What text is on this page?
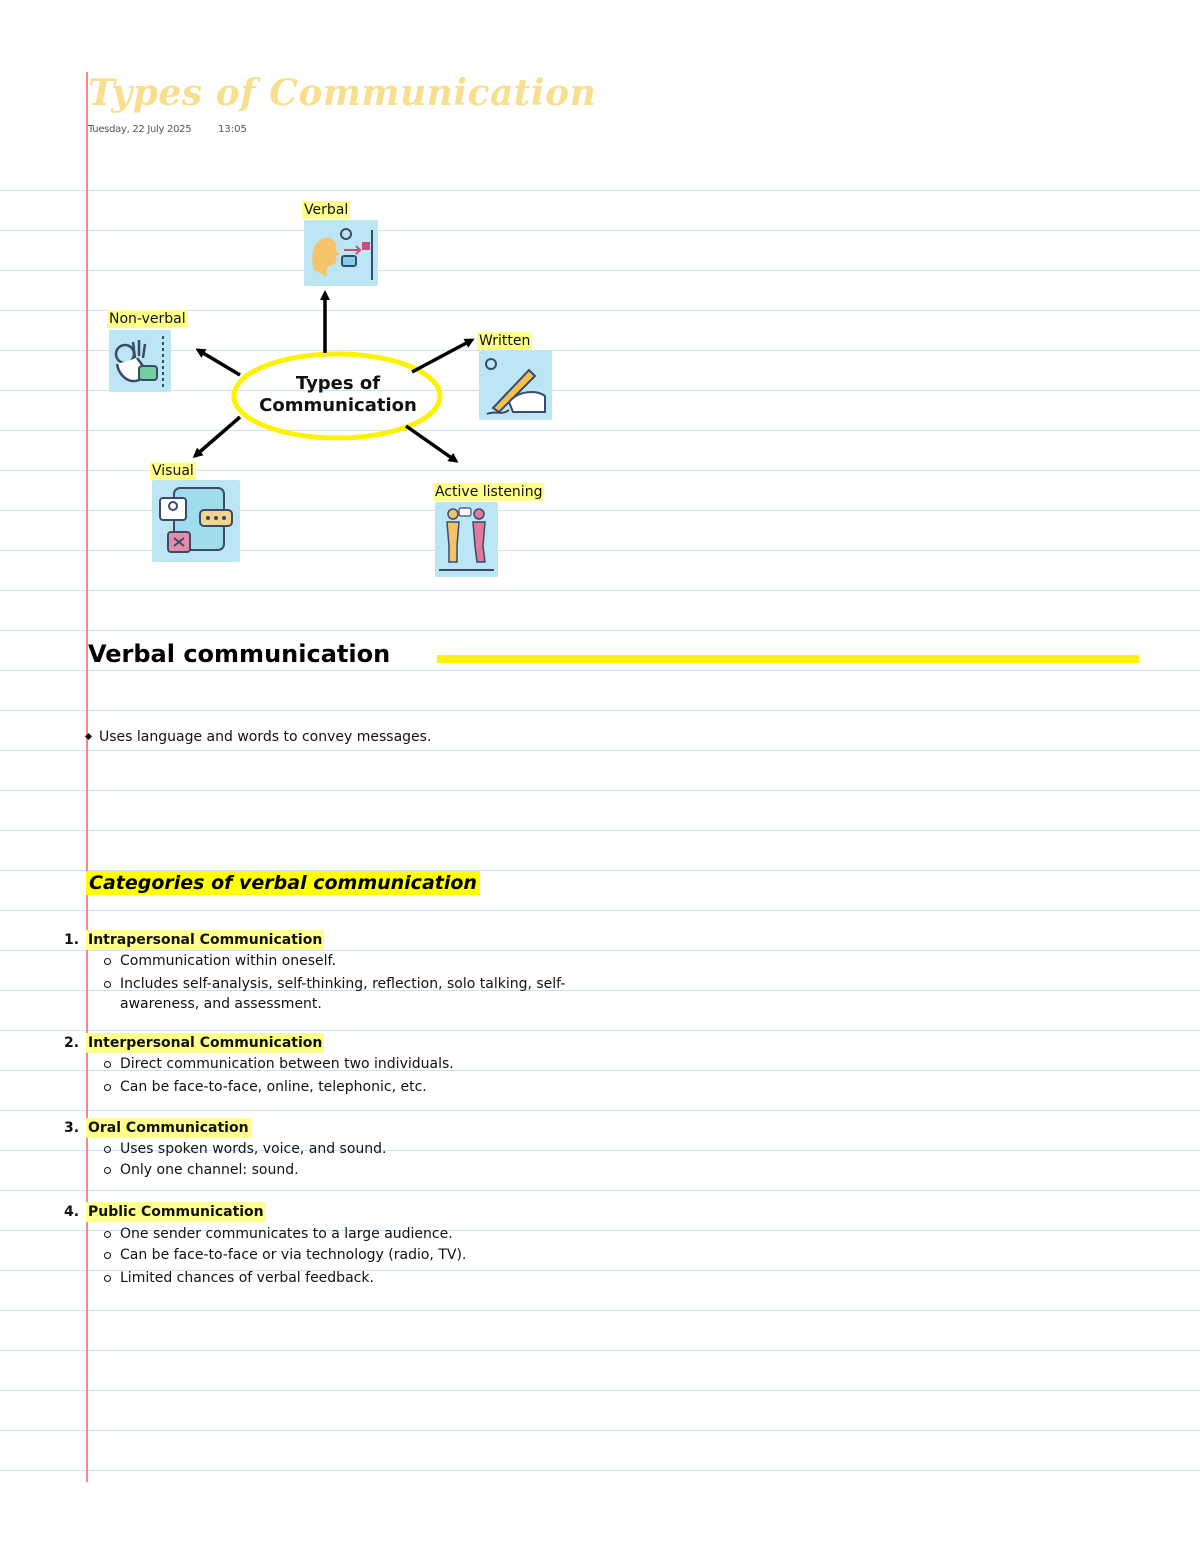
Types of Communication
Tuesday, 22 July 2025	13:05
Types of
Communication
Verbal
Non-verbal
Written
Visual
Active listening
Verbal communication
Uses language and words to convey messages.
Categories of verbal communication
1. Intrapersonal Communication
Communication within oneself.
Includes self-analysis, self-thinking, reflection, solo talking, self-awareness, and assessment.
2. Interpersonal Communication
Direct communication between two individuals.
Can be face-to-face, online, telephonic, etc.
3. Oral Communication
Uses spoken words, voice, and sound.
Only one channel: sound.
4. Public Communication
One sender communicates to a large audience.
Can be face-to-face or via technology (radio, TV).
Limited chances of verbal feedback.
